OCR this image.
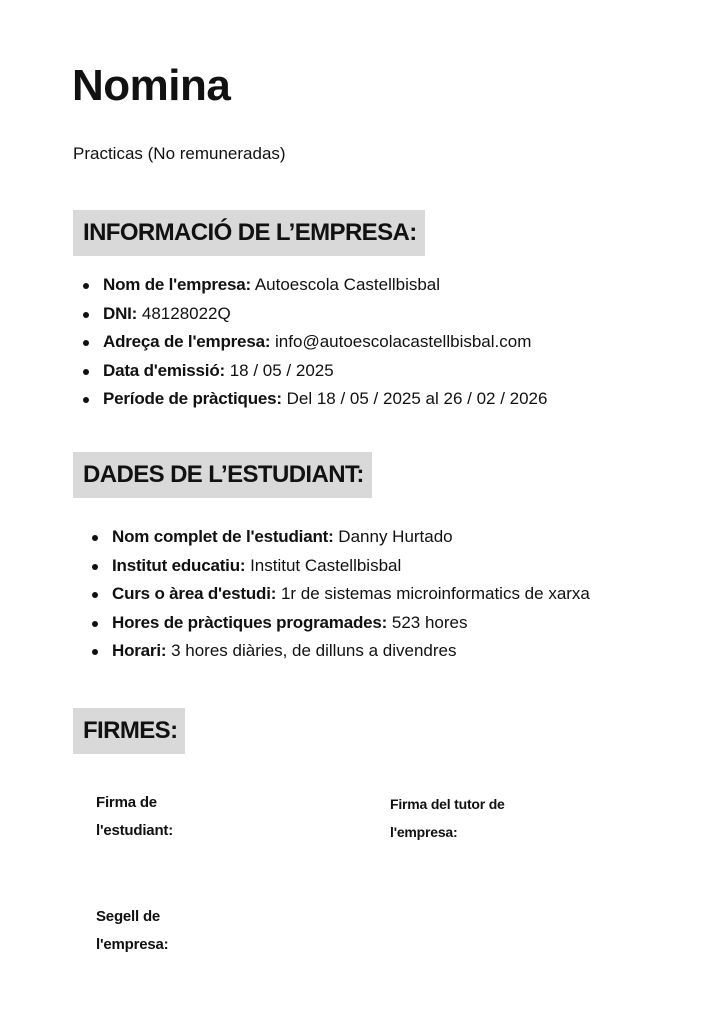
Nomina

Practicas (No remuneradas)

INFORMACIÓ DE L’EMPRESA:
Nom de l'empresa: Autoescola Castellbisbal
DNI: 48128022Q
Adreça de l'empresa: info@autoescolacastellbisbal.com
Data d'emissió: 18 / 05 / 2025
Període de pràctiques: Del 18 / 05 / 2025 al 26 / 02 / 2026
DADES DE L’ESTUDIANT:
Nom complet de l'estudiant: Danny Hurtado
Institut educatiu: Institut Castellbisbal
Curs o àrea d'estudi: 1r de sistemas microinformatics de xarxa
Hores de pràctiques programades: 523 hores
Horari: 3 hores diàries, de dilluns a divendres
FIRMES:
Firma de
l'estudiant:
Firma del tutor de
l'empresa:
Segell de
l'empresa:
